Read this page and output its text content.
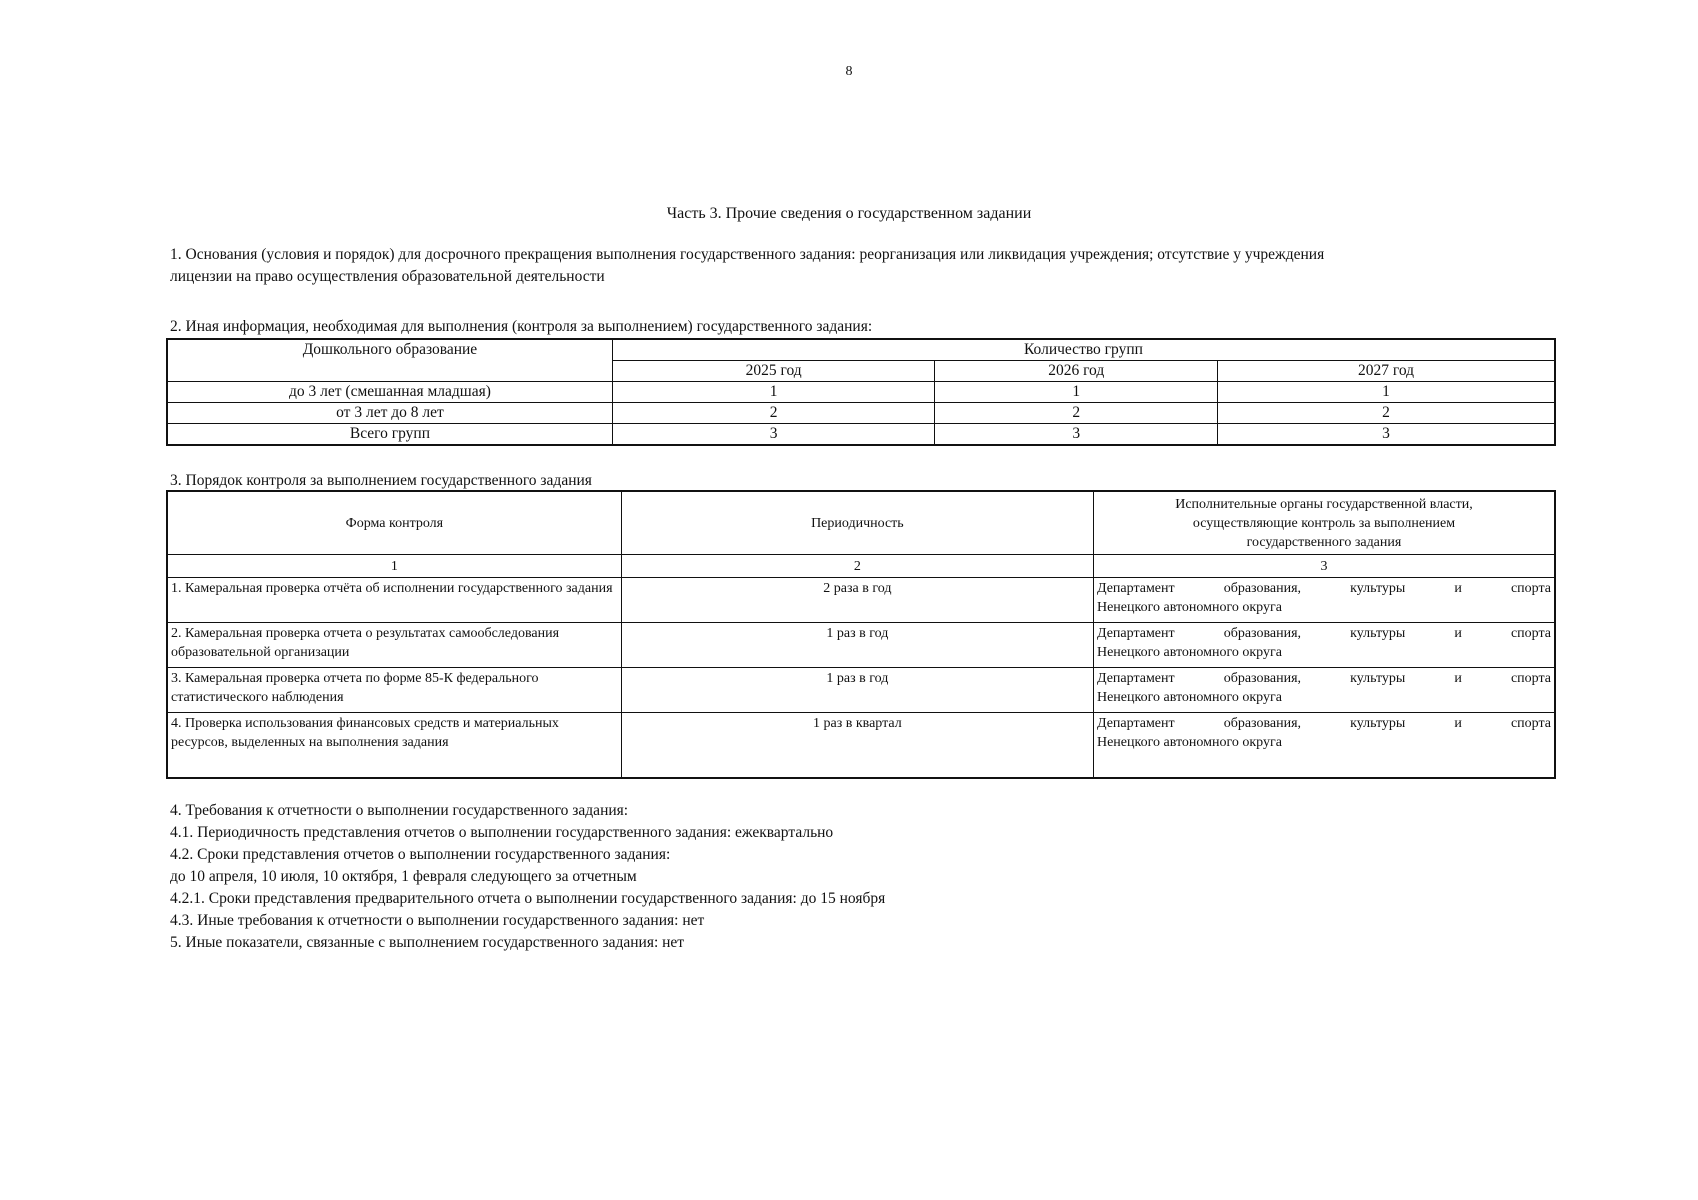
8
Часть 3. Прочие сведения о государственном задании
1. Основания (условия и порядок) для досрочного прекращения выполнения государственного задания: реорганизация или ликвидация учреждения; отсутствие у учреждения
лицензии на право осуществления образовательной деятельности
2. Иная информация, необходимая для выполнения (контроля за выполнением) государственного задания:
Дошкольного образование	Количество групп		
	2025 год	2026 год	2027 год
до 3 лет (смешанная младшая)	1	1	1
от 3 лет до 8 лет	2	2	2
Всего групп	3	3	3
3. Порядок контроля за выполнением государственного задания
Форма контроля	Периодичность	Исполнительные органы государственной власти, осуществляющие контроль за выполнением государственного задания
1	2	3
1. Камеральная проверка отчёта об исполнении государственного задания	2 раза в год	Департамент образования, культуры и спорта
Ненецкого автономного округа

2. Камеральная проверка отчета о результатах самообследования образовательной организации	1 раз в год	Департамент образования, культуры и спорта
Ненецкого автономного округа

3. Камеральная проверка отчета по форме 85-К федерального статистического наблюдения	1 раз в год	Департамент образования, культуры и спорта
Ненецкого автономного округа

4. Проверка использования финансовых средств и материальных ресурсов, выделенных на выполнения задания	1 раз в квартал	Департамент образования, культуры и спорта
Ненецкого автономного округа
4. Требования к отчетности о выполнении государственного задания:
4.1. Периодичность представления отчетов о выполнении государственного задания: ежеквартально
4.2. Сроки представления отчетов о выполнении государственного задания:
до 10 апреля, 10 июля, 10 октября, 1 февраля следующего за отчетным
4.2.1. Сроки представления предварительного отчета о выполнении государственного задания: до 15 ноября
4.3. Иные требования к отчетности о выполнении государственного задания: нет
5. Иные показатели, связанные с выполнением государственного задания: нет
